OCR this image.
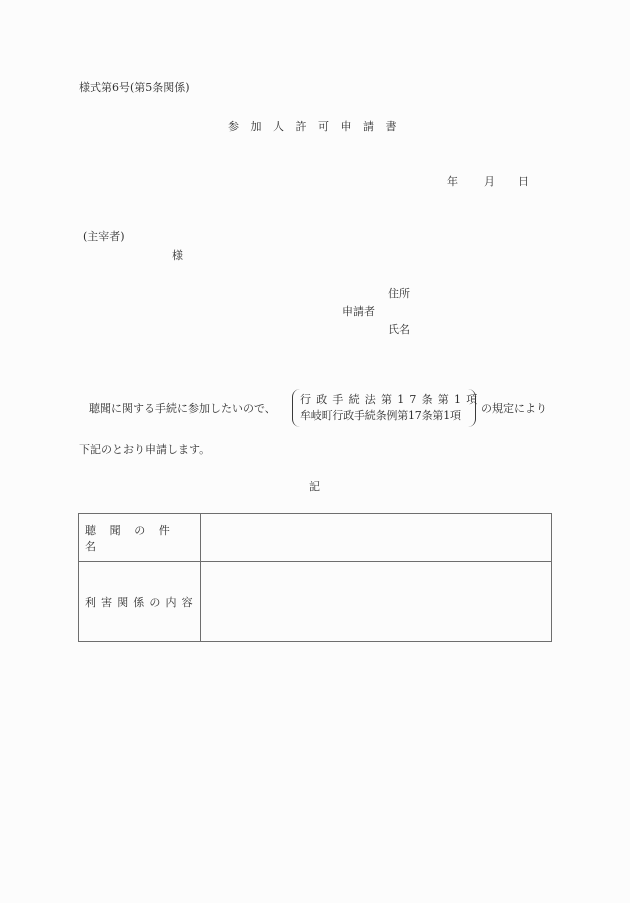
様式第6号(第5条関係)
参加人許可申請書
年	月	日
(主宰者)
様
住所
申請者
氏名
聴聞に関する手続に参加したいので、
行政手続法第17条第1項
牟岐町行政手続条例第17条第1項
の規定により
下記のとおり申請します。
記
聴聞の件名	
利害関係の内容	
